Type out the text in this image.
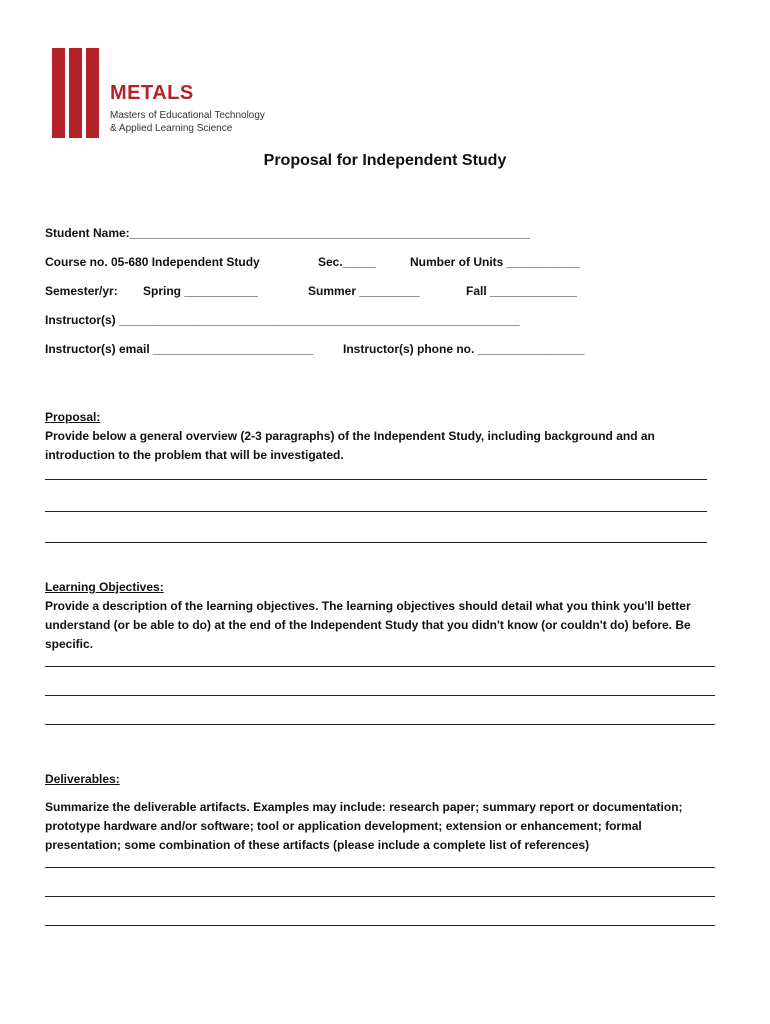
METALS
Masters of Educational Technology
& Applied Learning Science
Proposal for Independent Study
Student Name:____________________________________________________________
Course no. 05-680 Independent Study	Sec._____	Number of Units ___________
Semester/yr: Spring ___________	Summer _________	Fall _____________
Instructor(s) ____________________________________________________________
Instructor(s) email ________________________ Instructor(s) phone no. ________________
Proposal:
Provide below a general overview (2-3 paragraphs) of the Independent Study, including background and an introduction to the problem that will be investigated.
Learning Objectives:
Provide a description of the learning objectives. The learning objectives should detail what you think you'll better understand (or be able to do) at the end of the Independent Study that you didn't know (or couldn't do) before. Be specific.
Deliverables:
Summarize the deliverable artifacts. Examples may include: research paper; summary report or documentation; prototype hardware and/or software; tool or application development; extension or enhancement; formal presentation; some combination of these artifacts (please include a complete list of references)
